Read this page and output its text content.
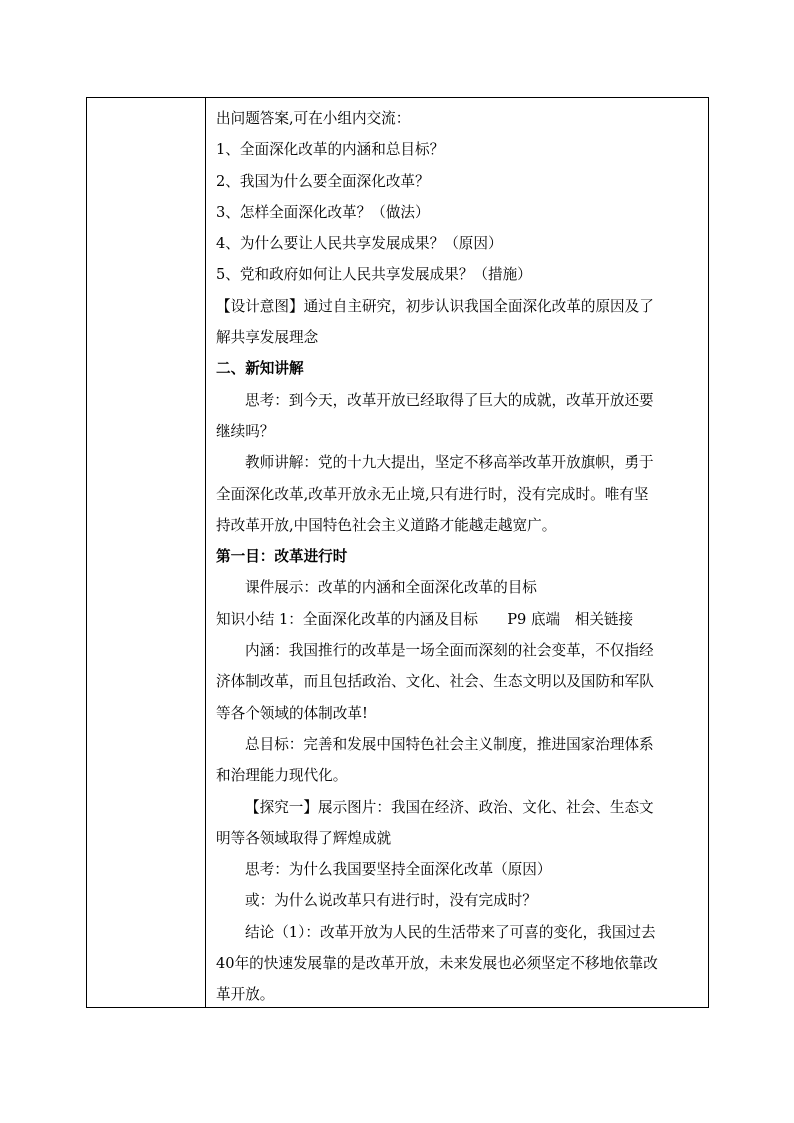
出问题答案,可在小组内交流：
1、全面深化改革的内涵和总目标？
2、我国为什么要全面深化改革？
3、怎样全面深化改革？（做法）
4、为什么要让人民共享发展成果？（原因）
5、党和政府如何让人民共享发展成果？（措施）
【设计意图】通过自主研究，初步认识我国全面深化改革的原因及了
解共享发展理念
二、新知讲解
思考：到今天，改革开放已经取得了巨大的成就，改革开放还要
继续吗？
教师讲解：党的十九大提出，坚定不移高举改革开放旗帜，勇于
全面深化改革,改革开放永无止境,只有进行时，没有完成时。唯有坚
持改革开放,中国特色社会主义道路才能越走越宽广。
第一目：改革进行时
课件展示：改革的内涵和全面深化改革的目标
知识小结 1：全面深化改革的内涵及目标　　P9 底端　相关链接
内涵：我国推行的改革是一场全面而深刻的社会变革，不仅指经
济体制改革，而且包括政治、文化、社会、生态文明以及国防和军队
等各个领域的体制改革!
总目标：完善和发展中国特色社会主义制度，推进国家治理体系
和治理能力现代化。
【探究一】展示图片：我国在经济、政治、文化、社会、生态文
明等各领域取得了辉煌成就
思考：为什么我国要坚持全面深化改革（原因）
或：为什么说改革只有进行时，没有完成时？
结论（1）：改革开放为人民的生活带来了可喜的变化，我国过去
40年的快速发展靠的是改革开放，未来发展也必须坚定不移地依靠改
革开放。
